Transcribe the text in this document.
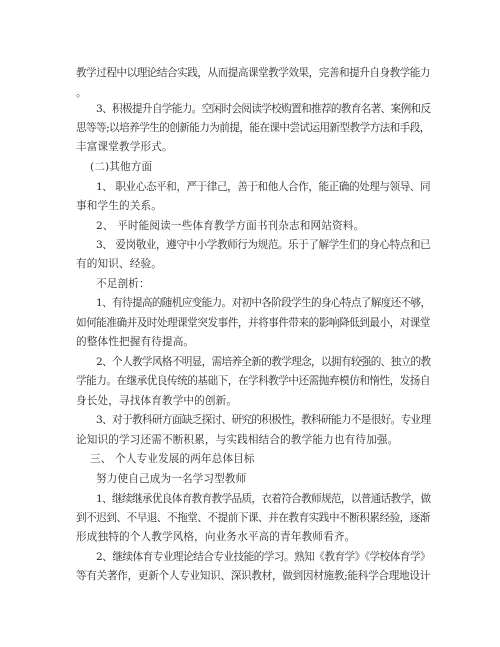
教学过程中以理论结合实践，从而提高课堂教学效果，完善和提升自身教学能力
。
3、积极提升自学能力。空闲时会阅读学校购置和推荐的教育名著、案例和反
思等等;以培养学生的创新能力为前提，能在课中尝试运用新型教学方法和手段，
丰富课堂教学形式。
(二)其他方面
1、 职业心态平和，严于律己，善于和他人合作，能正确的处理与领导、同
事和学生的关系。
2、 平时能阅读一些体育教学方面书刊杂志和网站资料。
3、 爱岗敬业，遵守中小学教师行为规范。乐于了解学生们的身心特点和已
有的知识、经验。
不足剖析：
1、有待提高的随机应变能力。对初中各阶段学生的身心特点了解度还不够，
如何能准确并及时处理课堂突发事件，并将事件带来的影响降低到最小，对课堂
的整体性把握有待提高。
2、个人教学风格不明显，需培养全新的教学理念，以拥有较强的、独立的教
学能力。在继承优良传统的基础下，在学科教学中还需抛弃模仿和惰性，发扬自
身长处，寻找体育教学中的创新。
3、对于教科研方面缺乏探讨、研究的积极性，教科研能力不是很好。专业理
论知识的学习还需不断积累，与实践相结合的教学能力也有待加强。
三、 个人专业发展的两年总体目标
努力使自己成为一名学习型教师
1、继续继承优良体育教育教学品质，衣着符合教师规范，以普通话教学，做
到不迟到、不早退、不拖堂、不提前下课、并在教育实践中不断积累经验，逐渐
形成独特的个人教学风格，向业务水平高的青年教师看齐。
2、继续体育专业理论结合专业技能的学习。熟知《教育学》《学校体育学》
等有关著作，更新个人专业知识、深识教材，做到因材施教;能科学合理地设计
